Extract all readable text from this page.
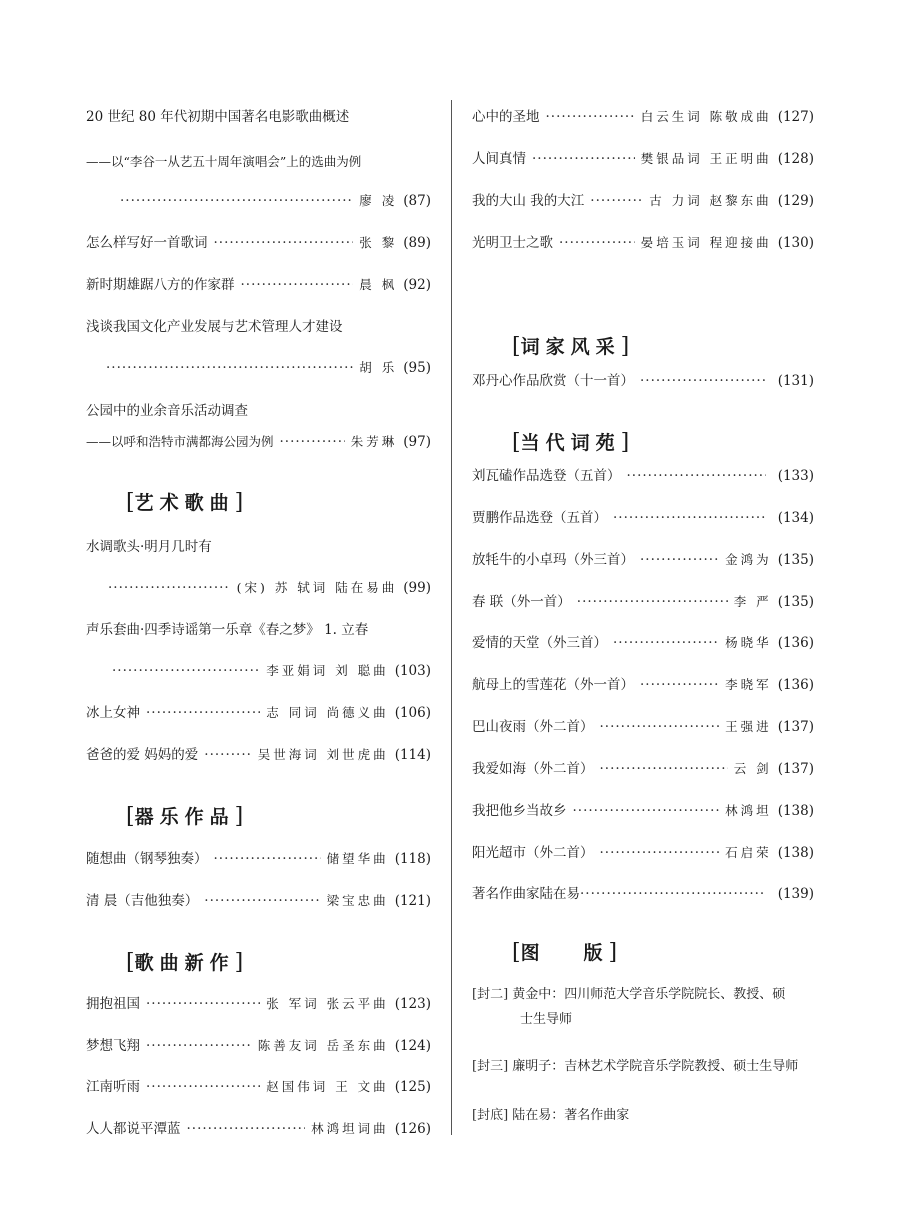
20 世纪 80 年代初期中国著名电影歌曲概述
——以“李谷一从艺五十周年演唱会”上的选曲为例
·····
廖 凌 (87)
怎么样写好一首歌词 ·····	张 黎 (89)
新时期雄踞八方的作家群 ·····	晨 枫 (92)
浅谈我国文化产业发展与艺术管理人才建设
·····
胡 乐 (95)
公园中的业余音乐活动调查
——以呼和浩特市满都海公园为例 ·····	朱芳琳 (97)
[艺术歌曲]
水调歌头·明月几时有
·····
(宋) 苏 轼词 陆在易曲 (99)
声乐套曲·四季诗谣第一乐章《春之梦》 1. 立春
·····
李亚娟词 刘 聪曲 (103)
冰上女神 ·····	志 同词 尚德义曲 (106)
爸爸的爱 妈妈的爱 ·····	吴世海词 刘世虎曲 (114)
[器乐作品]
随想曲（钢琴独奏） ·····	储望华曲 (118)
清 晨（吉他独奏） ·····	梁宝忠曲 (121)
[歌曲新作]
拥抱祖国 ·····	张 军词 张云平曲 (123)
梦想飞翔 ·····	陈善友词 岳圣东曲 (124)
江南听雨 ·····	赵国伟词 王 文曲 (125)
人人都说平潭蓝 ·····	林鸿坦词曲 (126)
心中的圣地 ·····	白云生词 陈敬成曲 (127)
人间真情 ·····	樊银品词 王正明曲 (128)
我的大山 我的大江 ·····	古 力词 赵黎东曲 (129)
光明卫士之歌 ·····	晏培玉词 程迎接曲 (130)
[词家风采]
邓丹心作品欣赏（十一首） ·····	(131)
[当代词苑]
刘瓦磕作品选登（五首） ·····	(133)
贾鹏作品选登（五首） ·····	(134)
放牦牛的小卓玛（外三首） ·····	金鸿为 (135)
春 联（外一首） ·····	李 严 (135)
爱情的天堂（外三首） ·····	杨晓华 (136)
航母上的雪莲花（外一首） ·····	李晓军 (136)
巴山夜雨（外二首） ·····	王强进 (137)
我爱如海（外二首） ·····	云 剑 (137)
我把他乡当故乡 ·····	林鸿坦 (138)
阳光超市（外二首） ·····	石启荣 (138)
著名作曲家陆在易 ·····	(139)
[图   版]
[封二] 黄金中：四川师范大学音乐学院院长、教授、硕
士生导师
[封三] 廉明子：吉林艺术学院音乐学院教授、硕士生导师
[封底] 陆在易：著名作曲家
